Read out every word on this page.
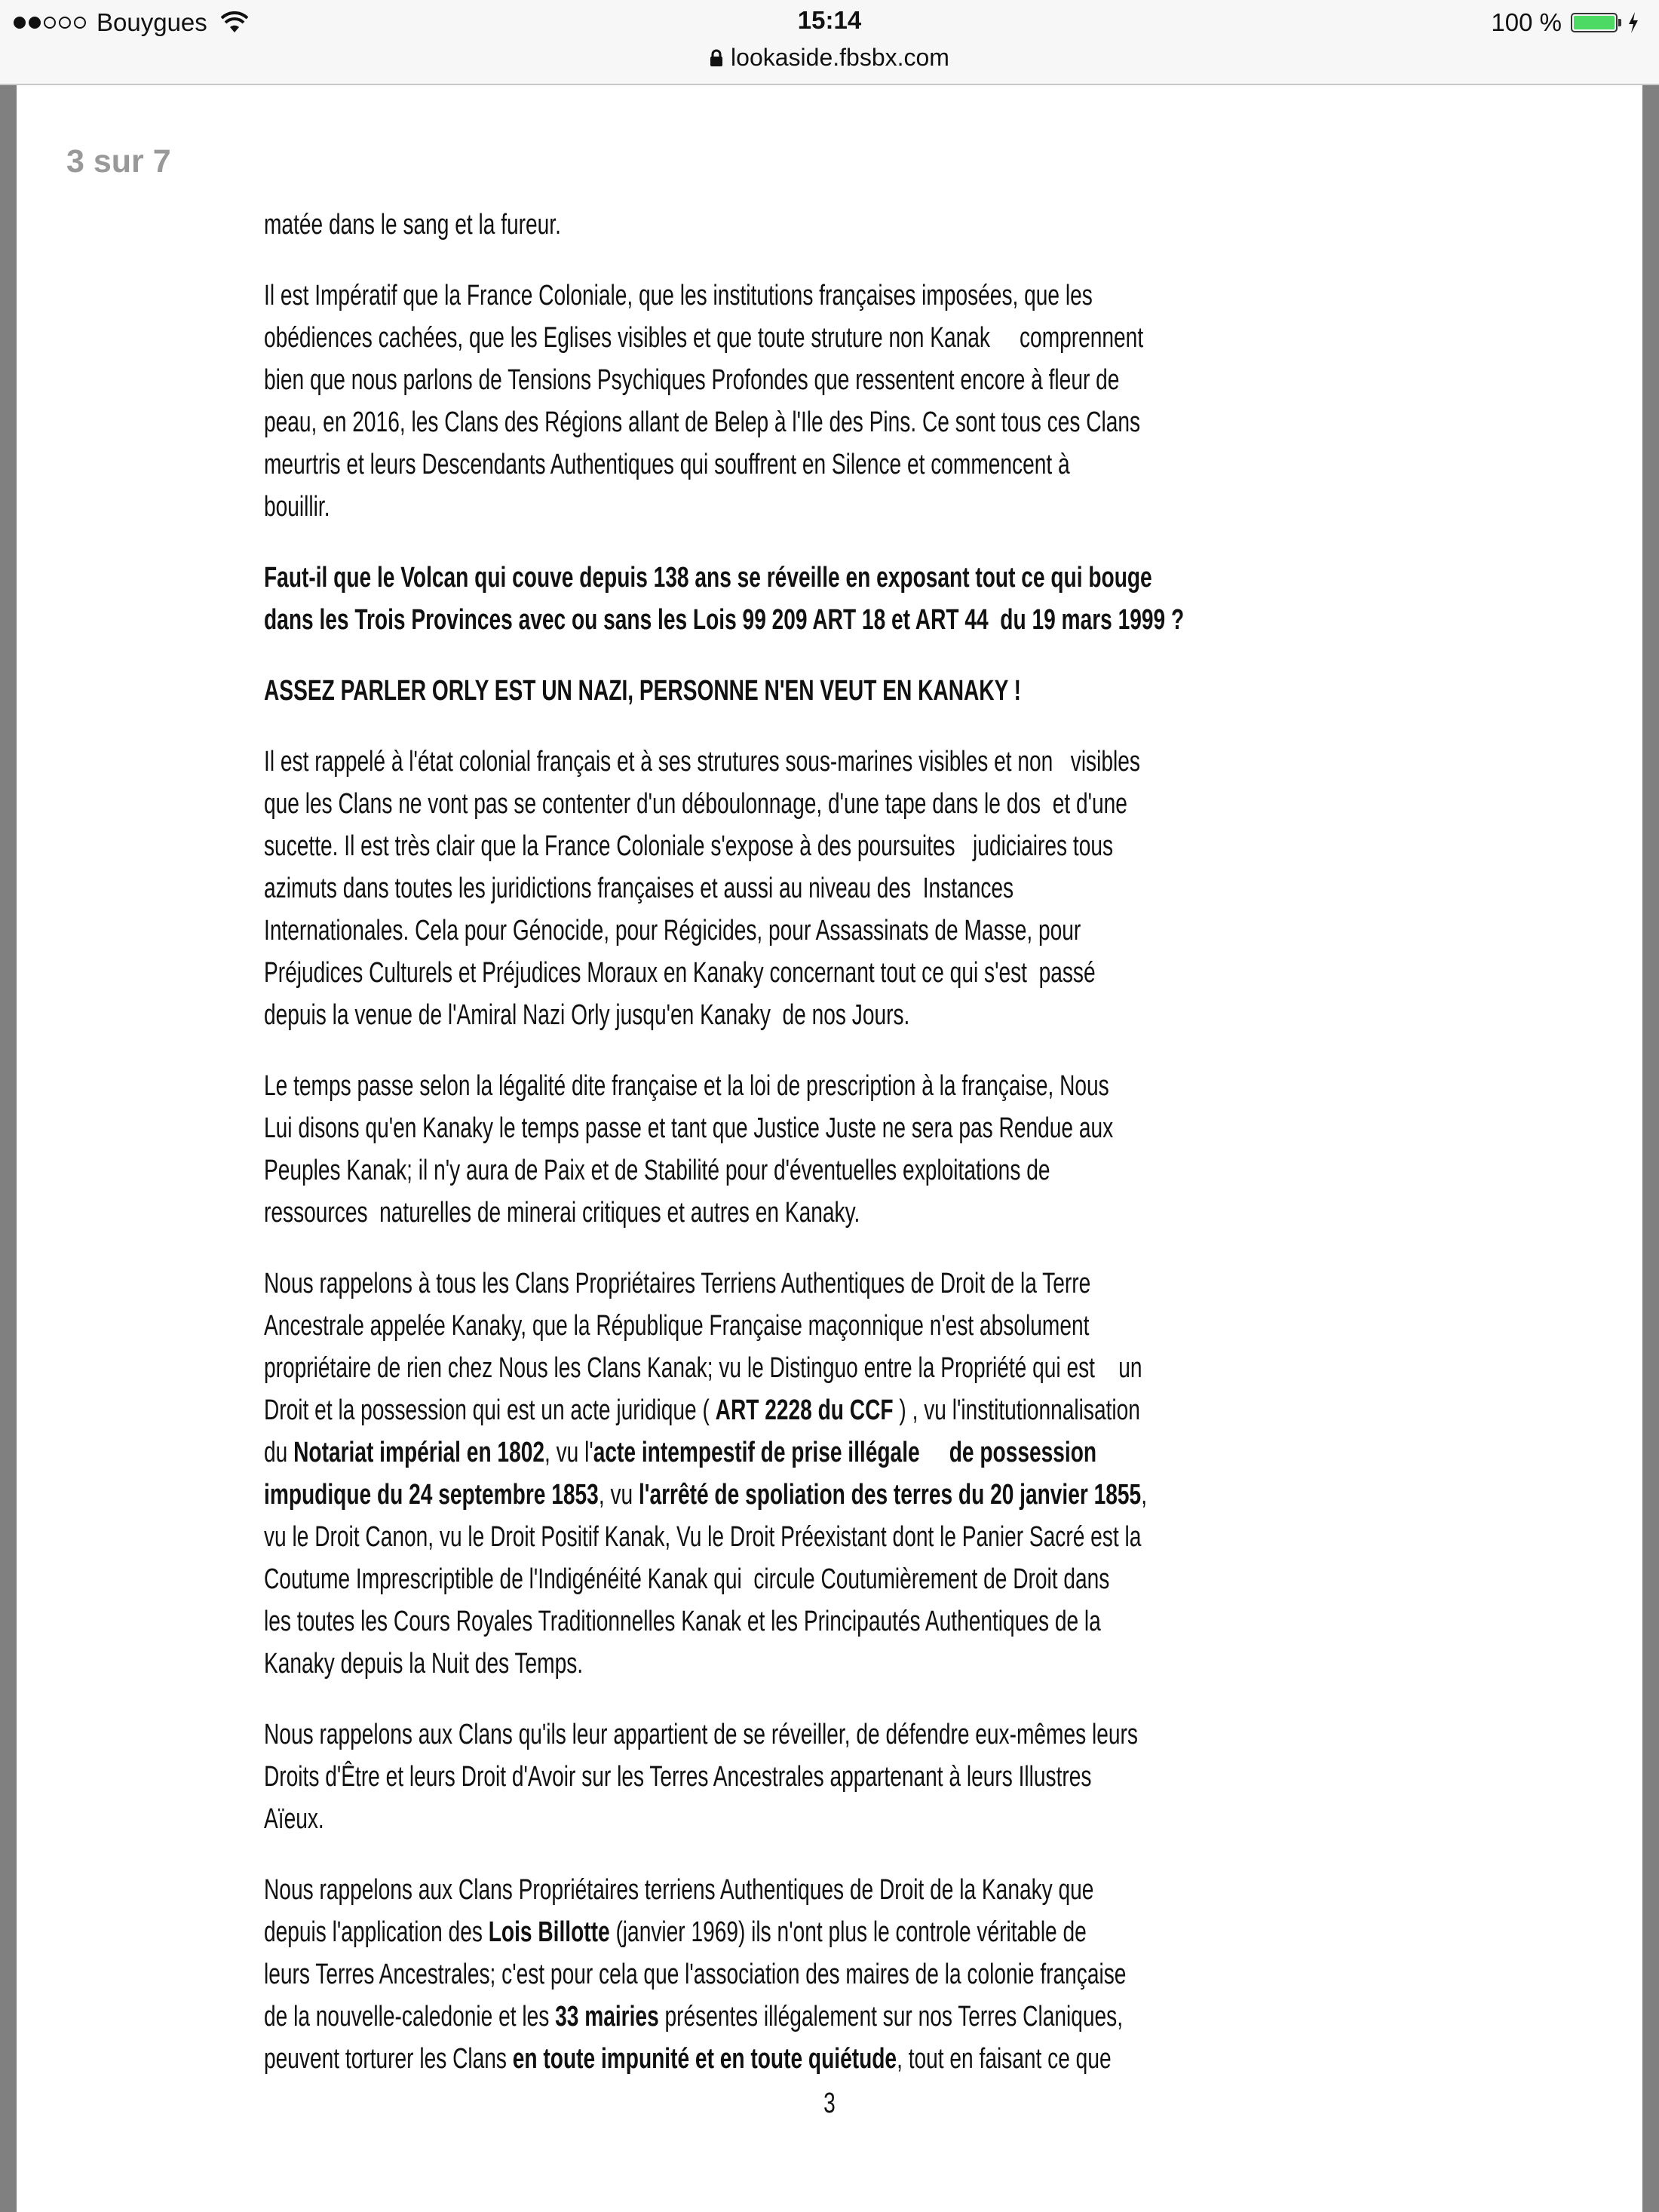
Bouygues	15:14	100 %
lookaside.fbsbx.com
3 sur 7
matée dans le sang et la fureur.
Il est Impératif que la France Coloniale, que les institutions françaises imposées, que les
obédiences cachées, que les Eglises visibles et que toute struture non Kanak     comprennent
bien que nous parlons de Tensions Psychiques Profondes que ressentent encore à fleur de
peau, en 2016, les Clans des Régions allant de Belep à l'Ile des Pins. Ce sont tous ces Clans
meurtris et leurs Descendants Authentiques qui souffrent en Silence et commencent à
bouillir.
Faut-il que le Volcan qui couve depuis 138 ans se réveille en exposant tout ce qui bouge
dans les Trois Provinces avec ou sans les Lois 99 209 ART 18 et ART 44  du 19 mars 1999 ?
ASSEZ PARLER ORLY EST UN NAZI, PERSONNE N'EN VEUT EN KANAKY !
Il est rappelé à l'état colonial français et à ses strutures sous-marines visibles et non   visibles
que les Clans ne vont pas se contenter d'un déboulonnage, d'une tape dans le dos  et d'une
sucette. Il est très clair que la France Coloniale s'expose à des poursuites   judiciaires tous
azimuts dans toutes les juridictions françaises et aussi au niveau des  Instances
Internationales. Cela pour Génocide, pour Régicides, pour Assassinats de Masse, pour
Préjudices Culturels et Préjudices Moraux en Kanaky concernant tout ce qui s'est  passé
depuis la venue de l'Amiral Nazi Orly jusqu'en Kanaky  de nos Jours.
Le temps passe selon la légalité dite française et la loi de prescription à la française, Nous
Lui disons qu'en Kanaky le temps passe et tant que Justice Juste ne sera pas Rendue aux
Peuples Kanak; il n'y aura de Paix et de Stabilité pour d'éventuelles exploitations de
ressources  naturelles de minerai critiques et autres en Kanaky.
Nous rappelons à tous les Clans Propriétaires Terriens Authentiques de Droit de la Terre
Ancestrale appelée Kanaky, que la République Française maçonnique n'est absolument
propriétaire de rien chez Nous les Clans Kanak; vu le Distinguo entre la Propriété qui est    un
Droit et la possession qui est un acte juridique ( ART 2228 du CCF ) , vu l'institutionnalisation
du Notariat impérial en 1802, vu l'acte intempestif de prise illégale     de possession
impudique du 24 septembre 1853, vu l'arrêté de spoliation des terres du 20 janvier 1855,
vu le Droit Canon, vu le Droit Positif Kanak, Vu le Droit Préexistant dont le Panier Sacré est la
Coutume Imprescriptible de l'Indigénéité Kanak qui  circule Coutumièrement de Droit dans
les toutes les Cours Royales Traditionnelles Kanak et les Principautés Authentiques de la
Kanaky depuis la Nuit des Temps.
Nous rappelons aux Clans qu'ils leur appartient de se réveiller, de défendre eux-mêmes leurs
Droits d'Être et leurs Droit d'Avoir sur les Terres Ancestrales appartenant à leurs Illustres
Aïeux.
Nous rappelons aux Clans Propriétaires terriens Authentiques de Droit de la Kanaky que
depuis l'application des Lois Billotte (janvier 1969) ils n'ont plus le controle véritable de
leurs Terres Ancestrales; c'est pour cela que l'association des maires de la colonie française
de la nouvelle-caledonie et les 33 mairies présentes illégalement sur nos Terres Claniques,
peuvent torturer les Clans en toute impunité et en toute quiétude, tout en faisant ce que
3
